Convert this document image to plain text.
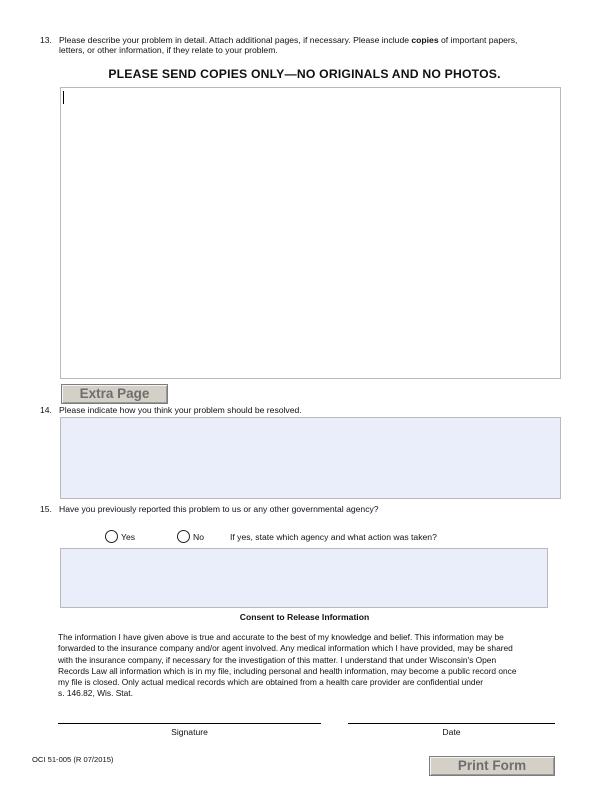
13. Please describe your problem in detail. Attach additional pages, if necessary. Please include copies of important papers,
letters, or other information, if they relate to your problem.
PLEASE SEND COPIES ONLY—NO ORIGINALS AND NO PHOTOS.
Extra Page
14. Please indicate how you think your problem should be resolved.
15. Have you previously reported this problem to us or any other governmental agency?
Yes	No	If yes, state which agency and what action was taken?
Consent to Release Information
The information I have given above is true and accurate to the best of my knowledge and belief. This information may be
forwarded to the insurance company and/or agent involved. Any medical information which I have provided, may be shared
with the insurance company, if necessary for the investigation of this matter. I understand that under Wisconsin's Open
Records Law all information which is in my file, including personal and health information, may become a public record once
my file is closed. Only actual medical records which are obtained from a health care provider are confidential under
s. 146.82, Wis. Stat.
Signature	Date
OCI 51-005 (R 07/2015)	Print Form
